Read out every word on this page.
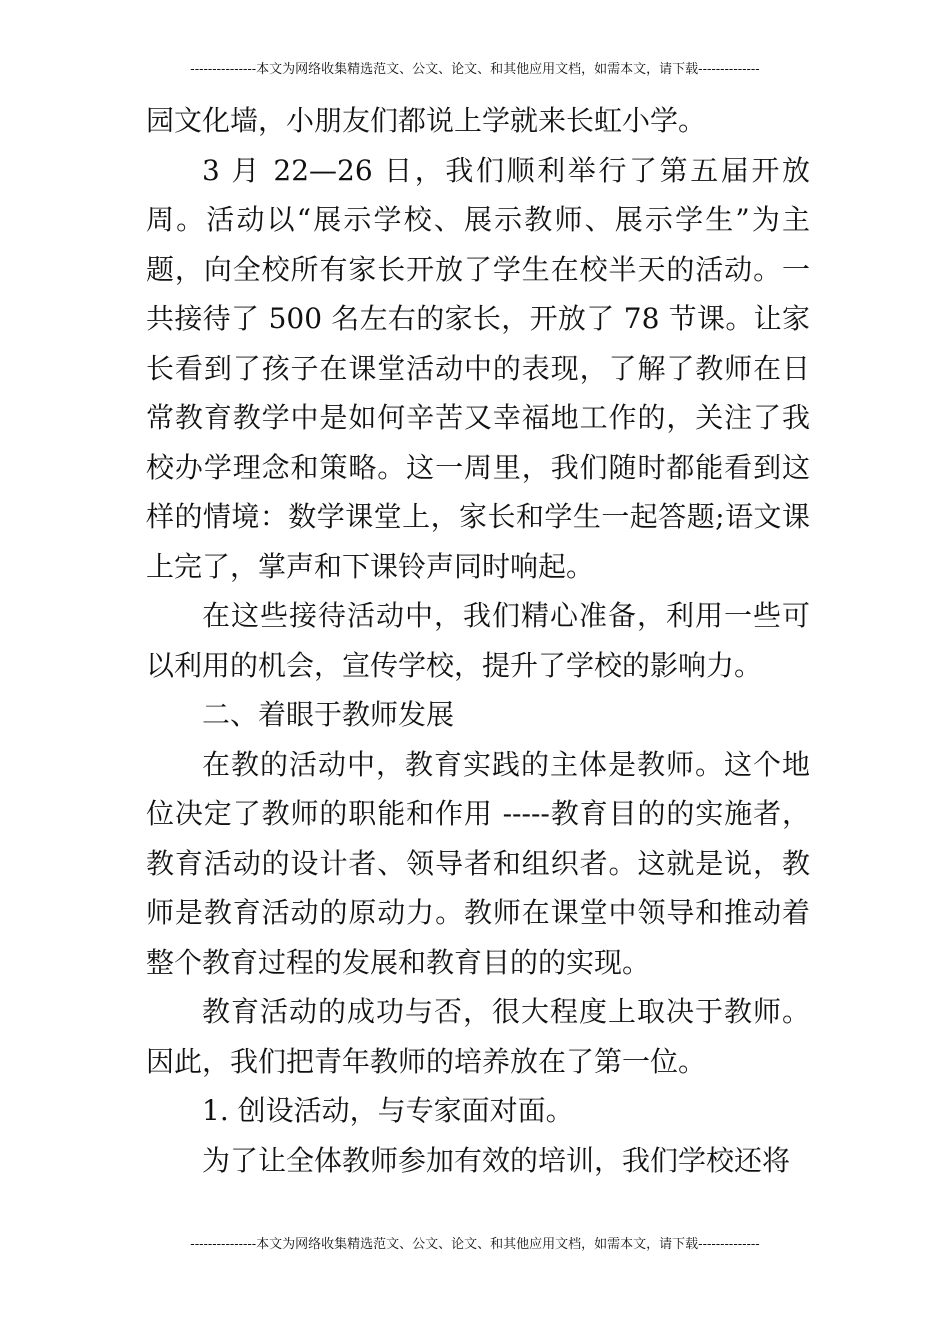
---------------本文为网络收集精选范文、公文、论文、和其他应用文档，如需本文，请下载--------------

园文化墙，小朋友们都说上学就来长虹小学。

3 月 22—26 日，我们顺利举行了第五届开放周。活动以“展示学校、展示教师、展示学生”为主题，向全校所有家长开放了学生在校半天的活动。一共接待了 500 名左右的家长，开放了 78 节课。让家长看到了孩子在课堂活动中的表现，了解了教师在日常教育教学中是如何辛苦又幸福地工作的，关注了我校办学理念和策略。这一周里，我们随时都能看到这样的情境：数学课堂上，家长和学生一起答题;语文课上完了，掌声和下课铃声同时响起。

在这些接待活动中，我们精心准备，利用一些可以利用的机会，宣传学校，提升了学校的影响力。

二、着眼于教师发展

在教的活动中，教育实践的主体是教师。这个地位决定了教师的职能和作用 -----教育目的的实施者，教育活动的设计者、领导者和组织者。这就是说，教师是教育活动的原动力。教师在课堂中领导和推动着整个教育过程的发展和教育目的的实现。

教育活动的成功与否，很大程度上取决于教师。因此，我们把青年教师的培养放在了第一位。

1. 创设活动，与专家面对面。

为了让全体教师参加有效的培训，我们学校还将

---------------本文为网络收集精选范文、公文、论文、和其他应用文档，如需本文，请下载--------------
